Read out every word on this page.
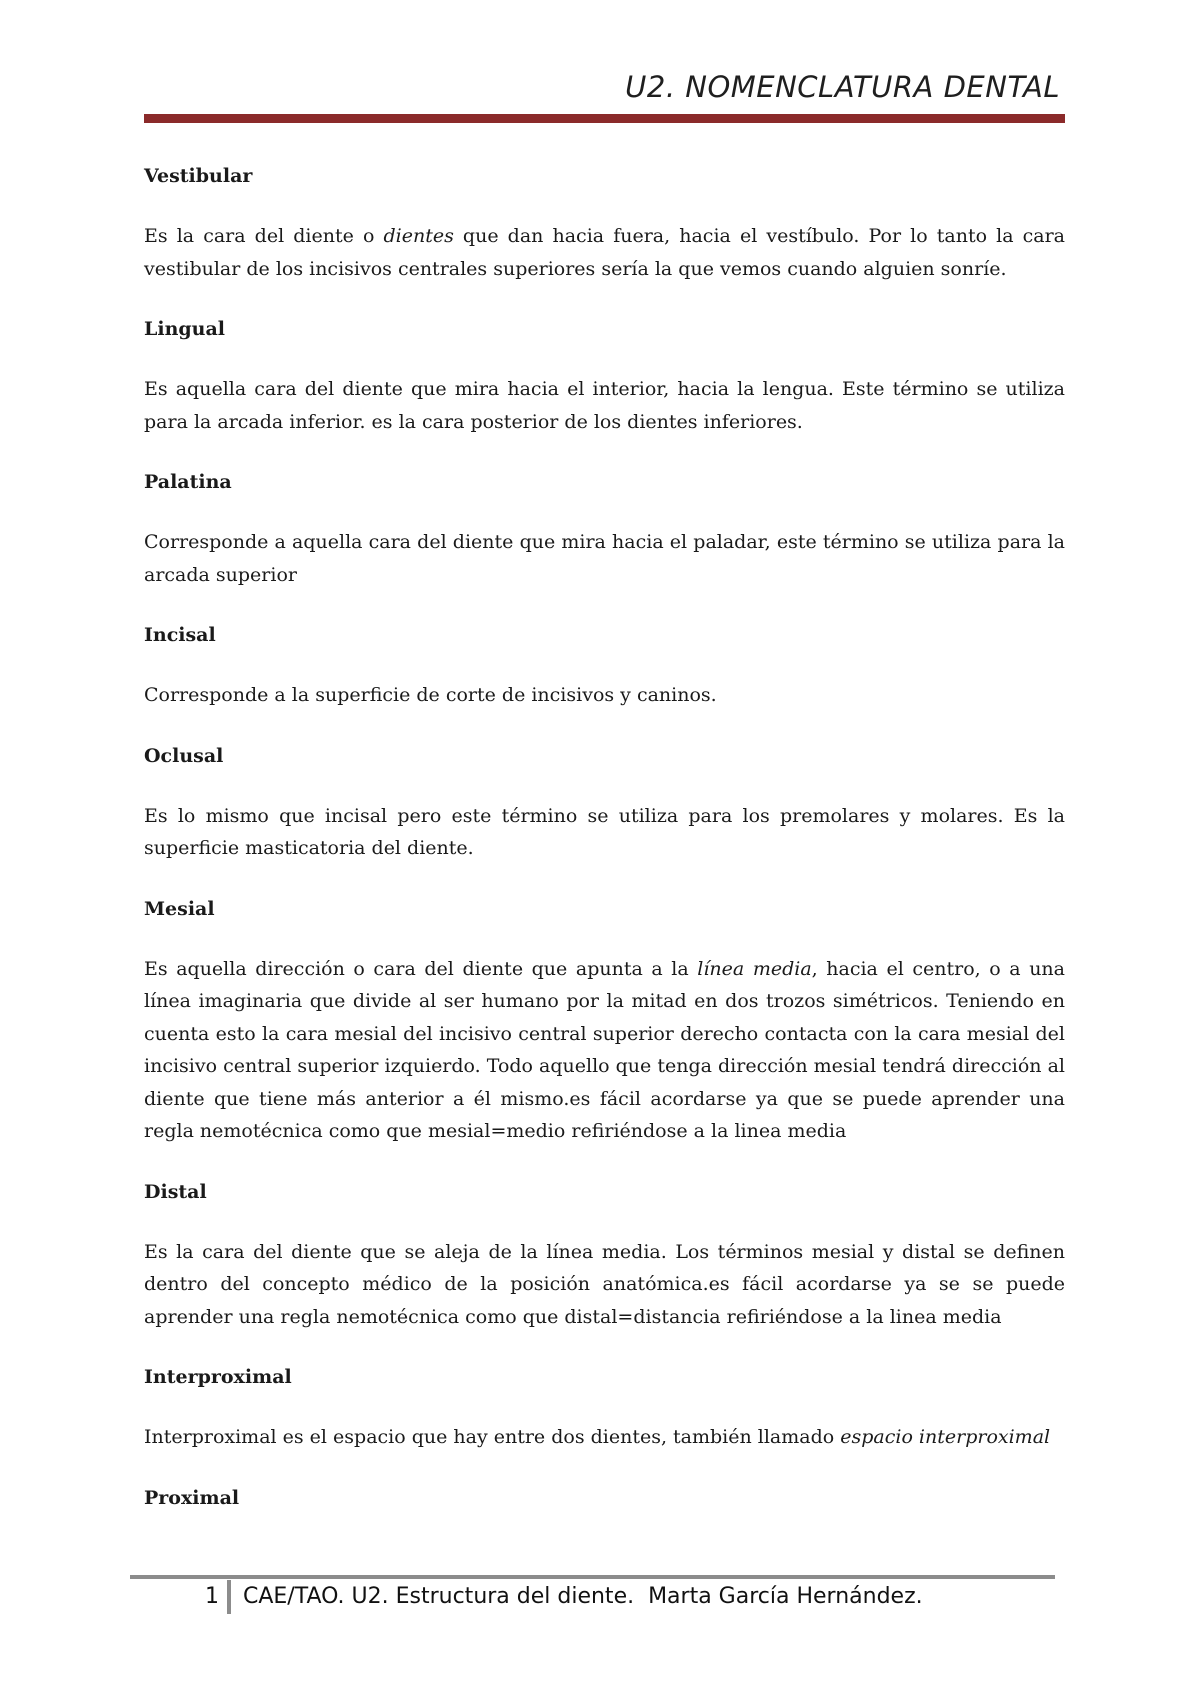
U2. NOMENCLATURA DENTAL
Vestibular

Es la cara del diente o dientes que dan hacia fuera, hacia el vestíbulo. Por lo tanto la cara vestibular de los incisivos centrales superiores sería la que vemos cuando alguien sonríe.

Lingual

Es aquella cara del diente que mira hacia el interior, hacia la lengua. Este término se utiliza para la arcada inferior. es la cara posterior de los dientes inferiores.

Palatina

Corresponde a aquella cara del diente que mira hacia el paladar, este término se utiliza para la arcada superior

Incisal

Corresponde a la superficie de corte de incisivos y caninos.

Oclusal

Es lo mismo que incisal pero este término se utiliza para los premolares y molares. Es la superficie masticatoria del diente.

Mesial

Es aquella dirección o cara del diente que apunta a la línea media, hacia el centro, o a una línea imaginaria que divide al ser humano por la mitad en dos trozos simétricos. Teniendo en cuenta esto la cara mesial del incisivo central superior derecho contacta con la cara mesial del incisivo central superior izquierdo. Todo aquello que tenga dirección mesial tendrá dirección al diente que tiene más anterior a él mismo.es fácil acordarse ya que se puede aprender una regla nemotécnica como que mesial=medio refiriéndose a la linea media

Distal

Es la cara del diente que se aleja de la línea media. Los términos mesial y distal se definen dentro del concepto médico de la posición anatómica.es fácil acordarse ya se se puede aprender una regla nemotécnica como que distal=distancia refiriéndose a la linea media

Interproximal

Interproximal es el espacio que hay entre dos dientes, también llamado espacio interproximal

Proximal
1 CAE/TAO. U2. Estructura del diente.  Marta García Hernández.
